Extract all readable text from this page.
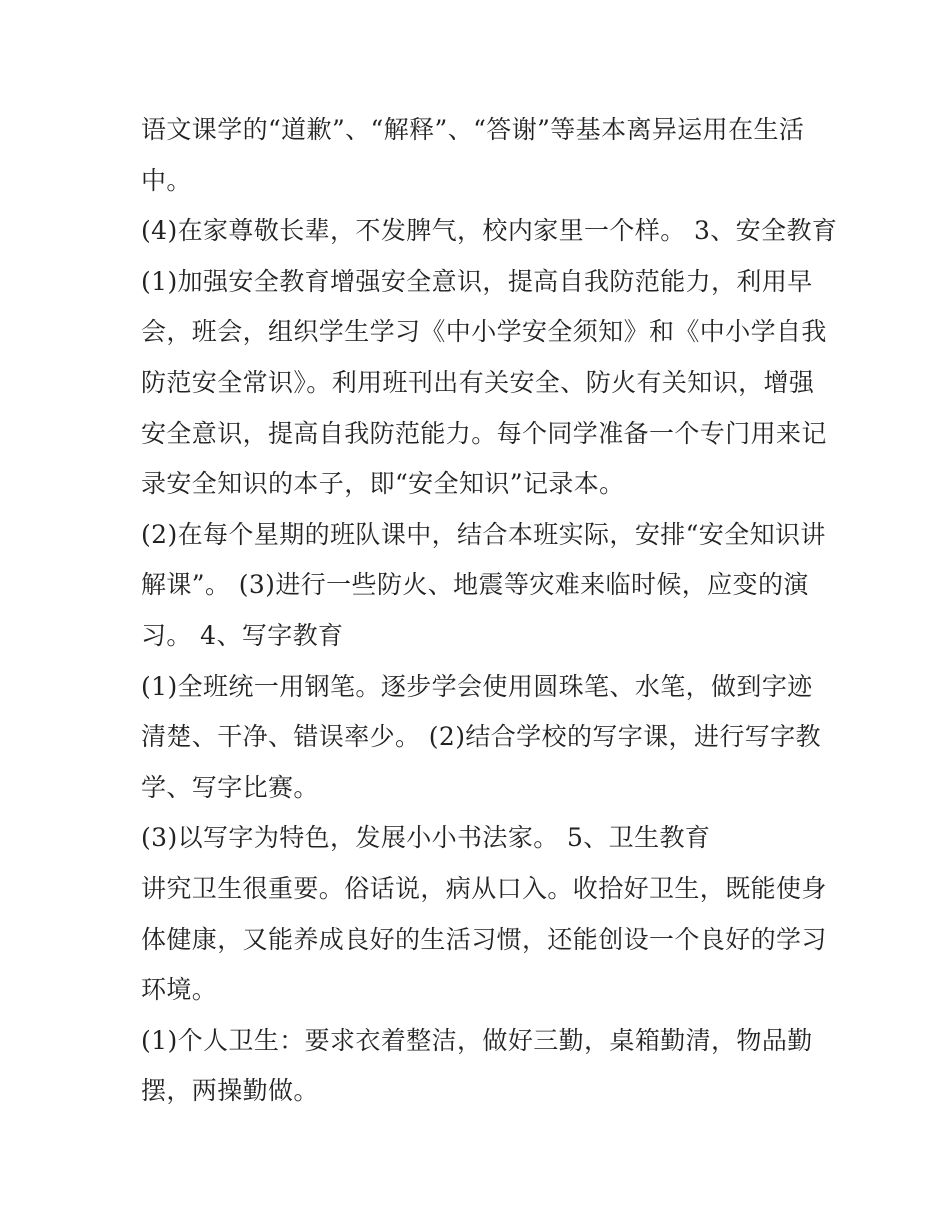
语文课学的“道歉”、“解释”、“答谢”等基本离异运用在生活
中。
(4)在家尊敬长辈，不发脾气，校内家里一个样。 3、安全教育
(1)加强安全教育增强安全意识，提高自我防范能力，利用早
会，班会，组织学生学习《中小学安全须知》和《中小学自我
防范安全常识》。利用班刊出有关安全、防火有关知识，增强
安全意识，提高自我防范能力。每个同学准备一个专门用来记
录安全知识的本子，即“安全知识”记录本。
(2)在每个星期的班队课中，结合本班实际，安排“安全知识讲
解课”。 (3)进行一些防火、地震等灾难来临时候，应变的演
习。 4、写字教育
(1)全班统一用钢笔。逐步学会使用圆珠笔、水笔，做到字迹
清楚、干净、错误率少。 (2)结合学校的写字课，进行写字教
学、写字比赛。
(3)以写字为特色，发展小小书法家。 5、卫生教育
讲究卫生很重要。俗话说，病从口入。收拾好卫生，既能使身
体健康，又能养成良好的生活习惯，还能创设一个良好的学习
环境。
(1)个人卫生：要求衣着整洁，做好三勤，桌箱勤清，物品勤
摆，两操勤做。
